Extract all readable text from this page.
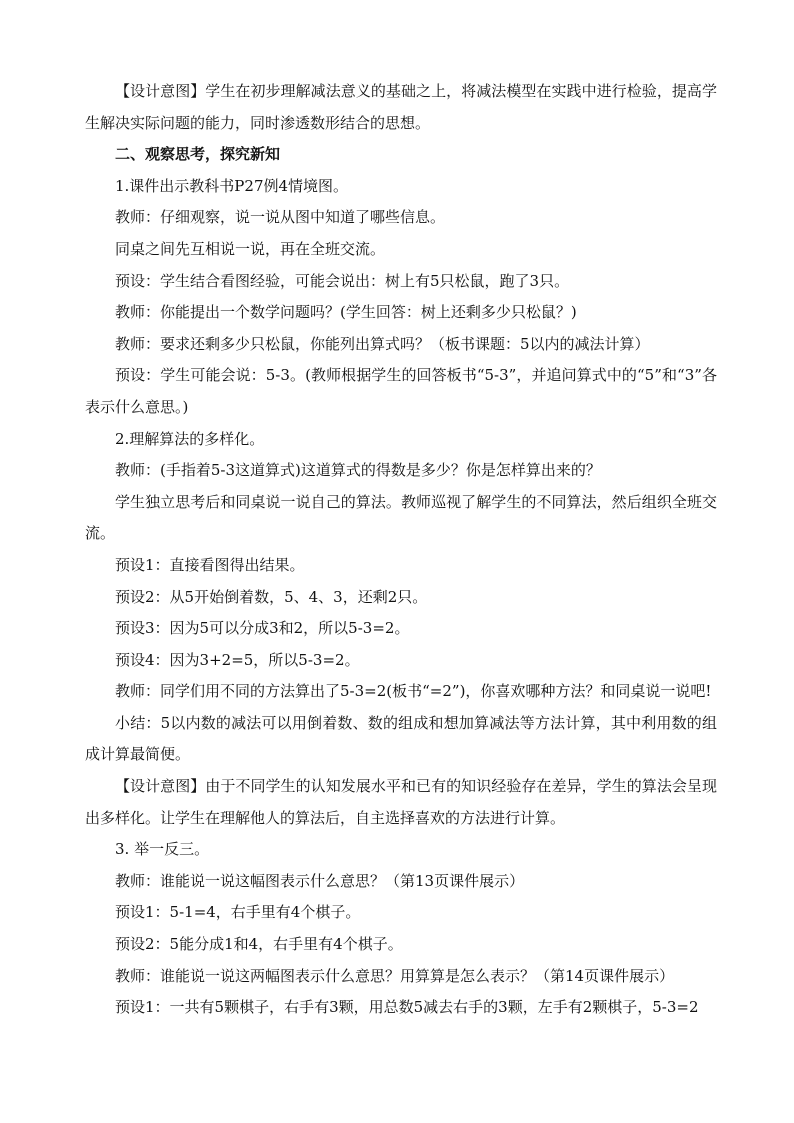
【设计意图】学生在初步理解减法意义的基础之上，将减法模型在实践中进行检验，提高学生解决实际问题的能力，同时渗透数形结合的思想。

二、观察思考，探究新知

1.课件出示教科书P27例4情境图。

教师：仔细观察，说一说从图中知道了哪些信息。

同桌之间先互相说一说，再在全班交流。

预设：学生结合看图经验，可能会说出：树上有5只松鼠，跑了3只。

教师：你能提出一个数学问题吗？(学生回答：树上还剩多少只松鼠？)

教师：要求还剩多少只松鼠，你能列出算式吗？（板书课题：5以内的减法计算）

预设：学生可能会说：5-3。(教师根据学生的回答板书“5-3”，并追问算式中的“5”和“3”各表示什么意思。)

2.理解算法的多样化。

教师：(手指着5-3这道算式)这道算式的得数是多少？你是怎样算出来的？

学生独立思考后和同桌说一说自己的算法。教师巡视了解学生的不同算法，然后组织全班交流。

预设1：直接看图得出结果。

预设2：从5开始倒着数，5、4、3，还剩2只。

预设3：因为5可以分成3和2，所以5-3=2。

预设4：因为3+2=5，所以5-3=2。

教师：同学们用不同的方法算出了5-3=2(板书“=2”)，你喜欢哪种方法？和同桌说一说吧!

小结：5以内数的减法可以用倒着数、数的组成和想加算减法等方法计算，其中利用数的组成计算最简便。

【设计意图】由于不同学生的认知发展水平和已有的知识经验存在差异，学生的算法会呈现出多样化。让学生在理解他人的算法后，自主选择喜欢的方法进行计算。

3. 举一反三。

教师：谁能说一说这幅图表示什么意思？（第13页课件展示）

预设1：5-1=4，右手里有4个棋子。

预设2：5能分成1和4，右手里有4个棋子。

教师：谁能说一说这两幅图表示什么意思？用算算是怎么表示？（第14页课件展示）

预设1：一共有5颗棋子，右手有3颗，用总数5减去右手的3颗，左手有2颗棋子，5-3=2
